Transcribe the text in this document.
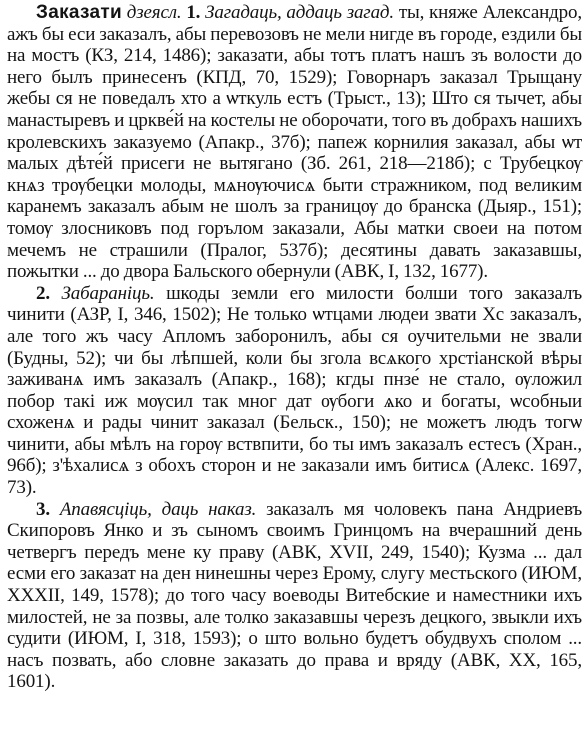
Заказати дзеясл. 1. Загадаць, аддаць загад. ты, княже Александро, ажъ бы еси заказалъ, абы перевозовъ не мели нигде въ городе, ездили бы на мостъ (КЗ, 214, 1486); заказати, абы тотъ платъ нашъ зъ волости до него былъ принесенъ (КПД, 70, 1529); Говорнаръ заказал Трыщану жебы ся не поведалъ хто а ѡткуль естъ (Трыст., 13); Што ся тычет, абы манастыревъ и цркве́й на костелы не оборочати, того въ добрахъ нашихъ кролевскихъ заказуемо (Апакр., 37б); папеж корнилия заказал, абы ѡт малых дѣте́й присеги не вытягано (Зб. 261, 218—218б); с Трубецкѹ кнѧз трѹбецки молоды, мѧнѹючисѧ быти стражником, под великим каранемъ заказалъ абым не шолъ за границѹ до бранска (Дыяр., 151); томѹ злосниковъ под горълом заказали, Абы матки своеи на потом мечемъ не страшили (Пралог, 537б); десятины давать заказавшы, пожытки ... до двора Бальского обернули (АВК, I, 132, 1677).

2. Забараніць. шкоды земли его милости болши того заказалъ чинити (АЗР, I, 346, 1502); Не только ѡтцами людеи звати Хс заказалъ, але того жъ часу Апломъ заборонилъ, абы ся оучительми не звали (Будны, 52); чи бы лѣпшей, коли бы згола всѧкого хрстіанской вѣры заживанѧ имъ заказалъ (Апакр., 168); кгды пнзе́ не стало, ѹложил побор такі иж мѹсил так мног дат ѹбоги ѧко и богаты, ѡсобныи схоженѧ и рады чинит заказал (Бельск., 150); не можетъ людъ тогѡ чинити, абы мѣлъ на горѹ вствпити, бо ты имъ заказалъ естесъ (Хран., 96б); з'ѣхалисѧ з обоxъ сторон и не заказали имъ битисѧ (Алекс. 1697, 73).

3. Апавясціць, даць наказ. заказалъ мя чоловекъ пана Андриевъ Скипоровъ Янко и зъ сыномъ своимъ Гринцомъ на вчерашний день четвергъ передъ мене ку праву (АВК, XVII, 249, 1540); Кузма ... дал есми его заказат на ден нинешны через Ерому, слугу местьского (ИЮМ, XXXII, 149, 1578); до того часу воеводы Витебские и наместники ихъ милостей, не за позвы, але толко заказавшы черезъ децкого, звыкли ихъ судити (ИЮМ, I, 318, 1593); о што вольно будетъ обудвухъ сполом ... насъ позвать, або словне заказать до права и вряду (АВК, XX, 165, 1601).
